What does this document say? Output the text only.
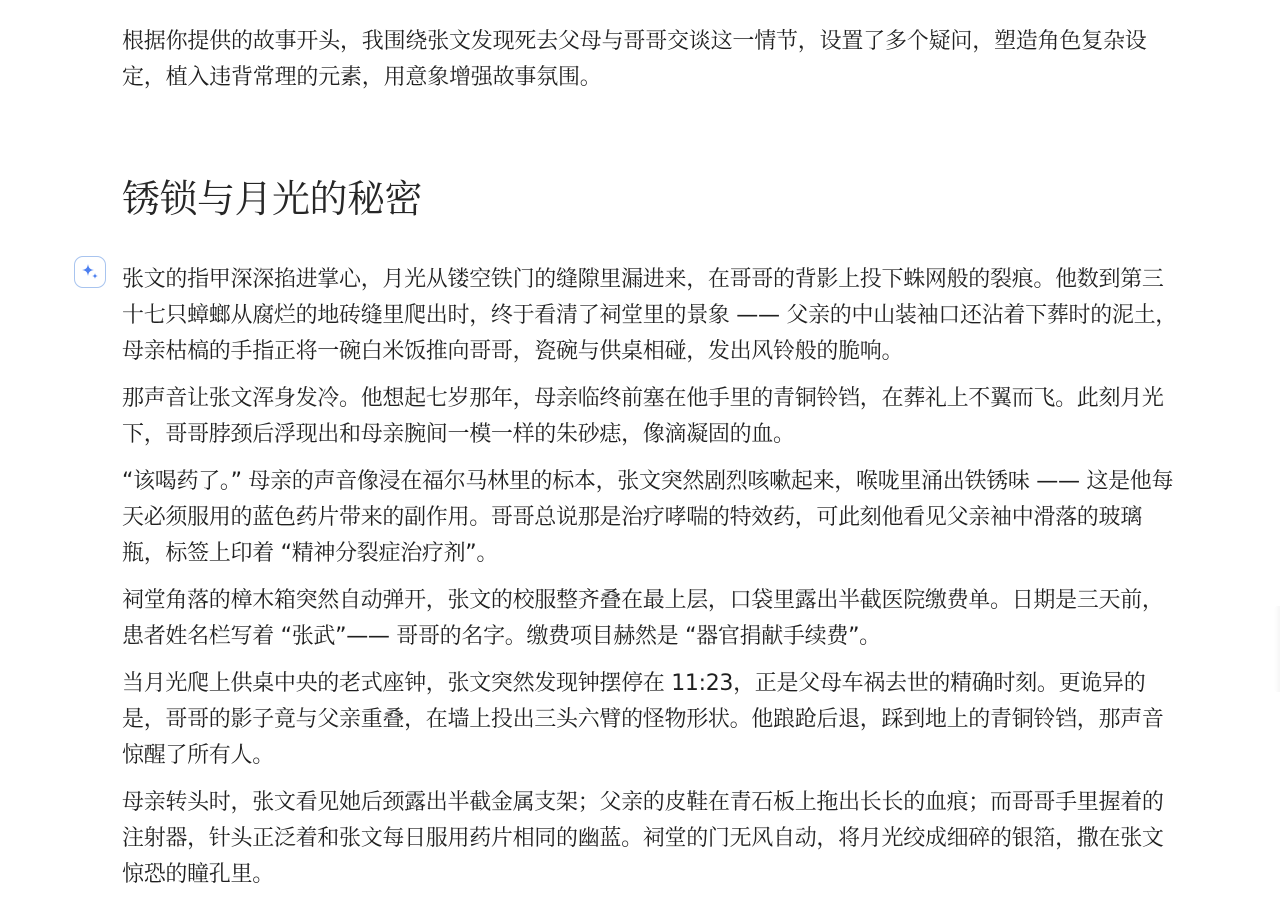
根据你提供的故事开头，我围绕张文发现死去父母与哥哥交谈这一情节，设置了多个疑问，塑造角色复杂设定，植入违背常理的元素，用意象增强故事氛围。

锈锁与月光的秘密

张文的指甲深深掐进掌心，月光从镂空铁门的缝隙里漏进来，在哥哥的背影上投下蛛网般的裂痕。他数到第三十七只蟑螂从腐烂的地砖缝里爬出时，终于看清了祠堂里的景象 —— 父亲的中山装袖口还沾着下葬时的泥土，母亲枯槁的手指正将一碗白米饭推向哥哥，瓷碗与供桌相碰，发出风铃般的脆响。

那声音让张文浑身发冷。他想起七岁那年，母亲临终前塞在他手里的青铜铃铛，在葬礼上不翼而飞。此刻月光下，哥哥脖颈后浮现出和母亲腕间一模一样的朱砂痣，像滴凝固的血。

“该喝药了。” 母亲的声音像浸在福尔马林里的标本，张文突然剧烈咳嗽起来，喉咙里涌出铁锈味 —— 这是他每天必须服用的蓝色药片带来的副作用。哥哥总说那是治疗哮喘的特效药，可此刻他看见父亲袖中滑落的玻璃瓶，标签上印着 “精神分裂症治疗剂”。

祠堂角落的樟木箱突然自动弹开，张文的校服整齐叠在最上层，口袋里露出半截医院缴费单。日期是三天前，患者姓名栏写着 “张武”—— 哥哥的名字。缴费项目赫然是 “器官捐献手续费”。

当月光爬上供桌中央的老式座钟，张文突然发现钟摆停在 11:23，正是父母车祸去世的精确时刻。更诡异的是，哥哥的影子竟与父亲重叠，在墙上投出三头六臂的怪物形状。他踉跄后退，踩到地上的青铜铃铛，那声音惊醒了所有人。

母亲转头时，张文看见她后颈露出半截金属支架；父亲的皮鞋在青石板上拖出长长的血痕；而哥哥手里握着的注射器，针头正泛着和张文每日服用药片相同的幽蓝。祠堂的门无风自动，将月光绞成细碎的银箔，撒在张文惊恐的瞳孔里。
